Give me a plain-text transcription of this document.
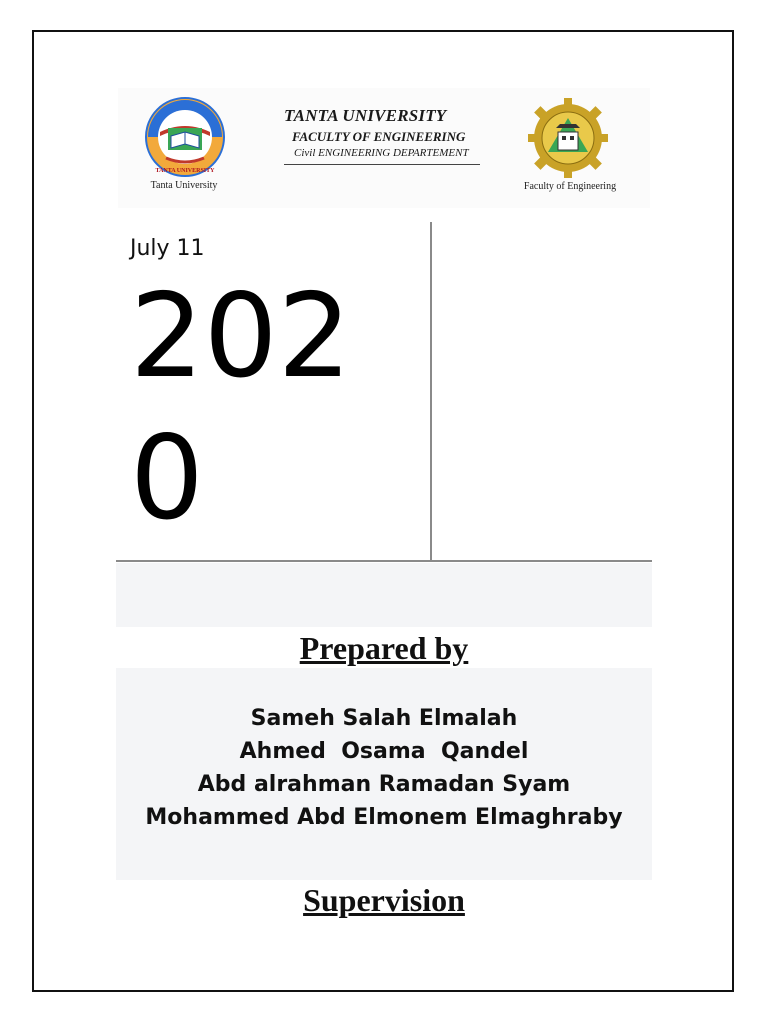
TANTA UNIVERSITY
Tanta University
TANTA UNIVERSITY
FACULTY OF ENGINEERING
Civil ENGINEERING DEPARTEMENT
Faculty of Engineering
July 11
2020
Prepared by
Sameh Salah Elmalah
Ahmed  Osama  Qandel
Abd alrahman Ramadan Syam
Mohammed Abd Elmonem Elmaghraby
Supervision
